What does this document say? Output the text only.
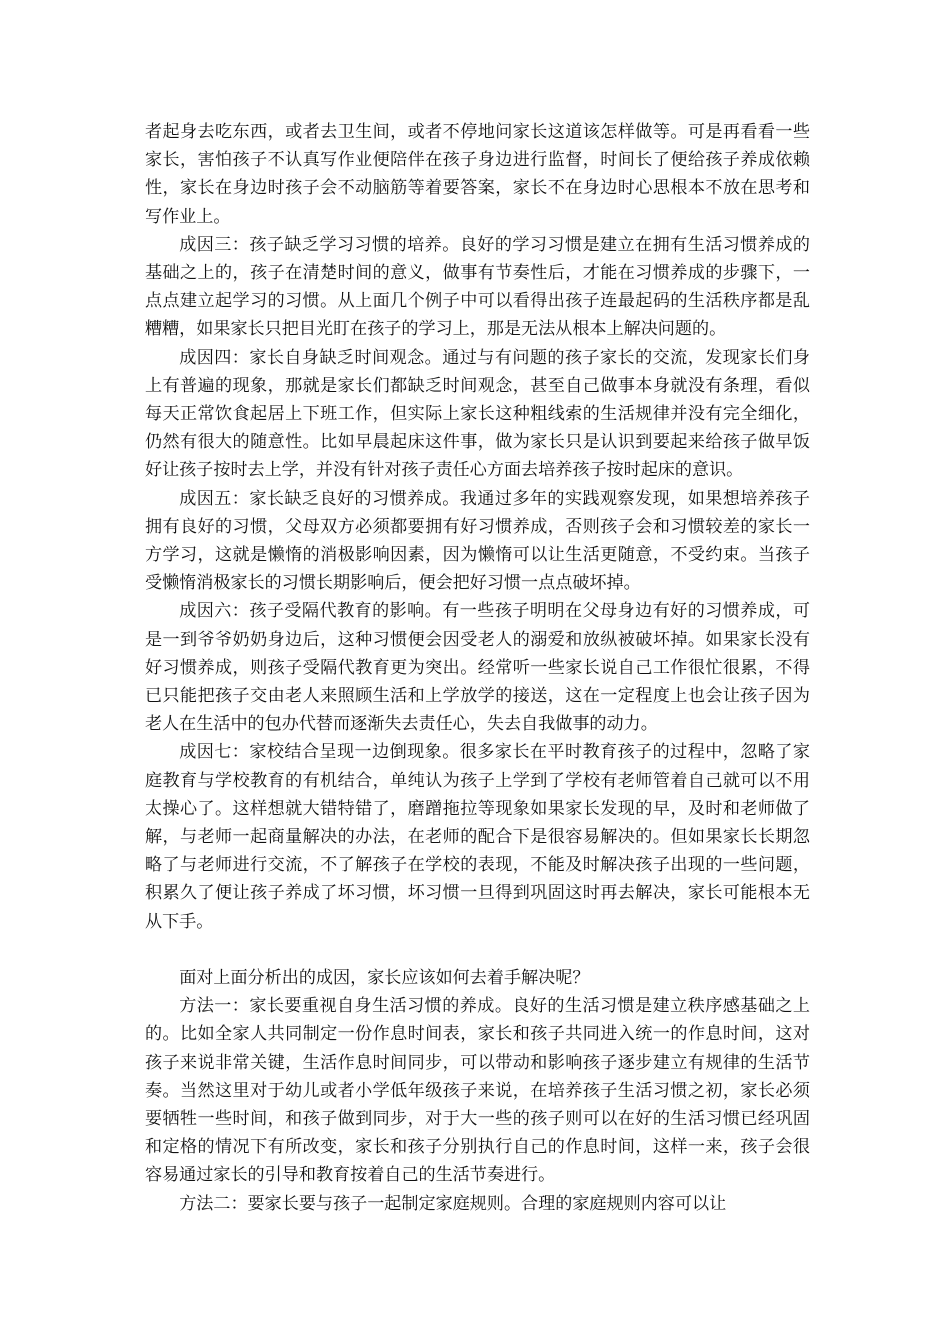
者起身去吃东西，或者去卫生间，或者不停地问家长这道该怎样做等。可是再看看一些家长，害怕孩子不认真写作业便陪伴在孩子身边进行监督，时间长了便给孩子养成依赖性，家长在身边时孩子会不动脑筋等着要答案，家长不在身边时心思根本不放在思考和写作业上。

成因三：孩子缺乏学习习惯的培养。良好的学习习惯是建立在拥有生活习惯养成的基础之上的，孩子在清楚时间的意义，做事有节奏性后，才能在习惯养成的步骤下，一点点建立起学习的习惯。从上面几个例子中可以看得出孩子连最起码的生活秩序都是乱糟糟，如果家长只把目光盯在孩子的学习上，那是无法从根本上解决问题的。

成因四：家长自身缺乏时间观念。通过与有问题的孩子家长的交流，发现家长们身上有普遍的现象，那就是家长们都缺乏时间观念，甚至自己做事本身就没有条理，看似每天正常饮食起居上下班工作，但实际上家长这种粗线索的生活规律并没有完全细化，仍然有很大的随意性。比如早晨起床这件事，做为家长只是认识到要起来给孩子做早饭好让孩子按时去上学，并没有针对孩子责任心方面去培养孩子按时起床的意识。

成因五：家长缺乏良好的习惯养成。我通过多年的实践观察发现，如果想培养孩子拥有良好的习惯，父母双方必须都要拥有好习惯养成，否则孩子会和习惯较差的家长一方学习，这就是懒惰的消极影响因素，因为懒惰可以让生活更随意，不受约束。当孩子受懒惰消极家长的习惯长期影响后，便会把好习惯一点点破坏掉。

成因六：孩子受隔代教育的影响。有一些孩子明明在父母身边有好的习惯养成，可是一到爷爷奶奶身边后，这种习惯便会因受老人的溺爱和放纵被破坏掉。如果家长没有好习惯养成，则孩子受隔代教育更为突出。经常听一些家长说自己工作很忙很累，不得已只能把孩子交由老人来照顾生活和上学放学的接送，这在一定程度上也会让孩子因为老人在生活中的包办代替而逐渐失去责任心，失去自我做事的动力。

成因七：家校结合呈现一边倒现象。很多家长在平时教育孩子的过程中，忽略了家庭教育与学校教育的有机结合，单纯认为孩子上学到了学校有老师管着自己就可以不用太操心了。这样想就大错特错了，磨蹭拖拉等现象如果家长发现的早，及时和老师做了解，与老师一起商量解决的办法，在老师的配合下是很容易解决的。但如果家长长期忽略了与老师进行交流，不了解孩子在学校的表现，不能及时解决孩子出现的一些问题，积累久了便让孩子养成了坏习惯，坏习惯一旦得到巩固这时再去解决，家长可能根本无从下手。

面对上面分析出的成因，家长应该如何去着手解决呢？

方法一：家长要重视自身生活习惯的养成。良好的生活习惯是建立秩序感基础之上的。比如全家人共同制定一份作息时间表，家长和孩子共同进入统一的作息时间，这对孩子来说非常关键，生活作息时间同步，可以带动和影响孩子逐步建立有规律的生活节奏。当然这里对于幼儿或者小学低年级孩子来说，在培养孩子生活习惯之初，家长必须要牺牲一些时间，和孩子做到同步，对于大一些的孩子则可以在好的生活习惯已经巩固和定格的情况下有所改变，家长和孩子分别执行自己的作息时间，这样一来，孩子会很容易通过家长的引导和教育按着自己的生活节奏进行。

方法二：要家长要与孩子一起制定家庭规则。合理的家庭规则内容可以让
